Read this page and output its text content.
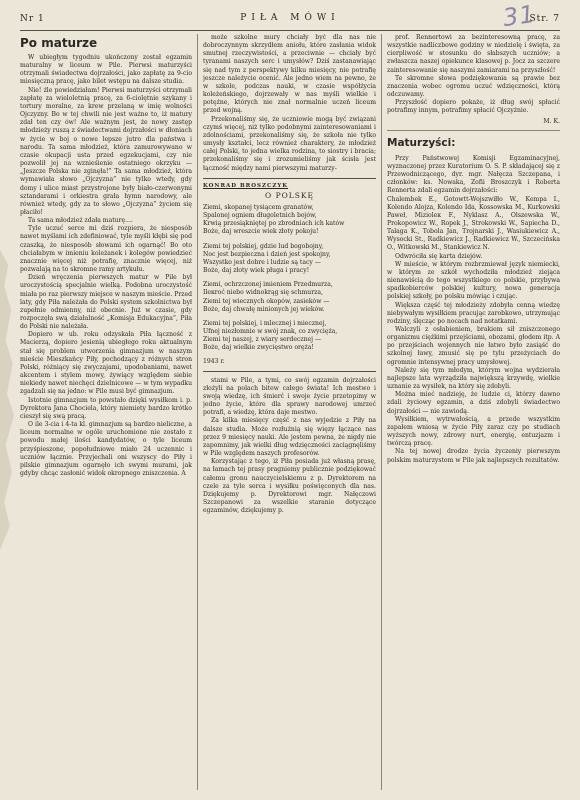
Nr 1	PIŁA MÓWI	31
Str. 7
Po maturze

W ubiegłym tygodniu ukończony został egzamin maturalny w liceum w Pile. Pierwsi maturzyści otrzymali świadectwa dojrzałości, jako zapłatę za 9-cio miesięczną pracę, jako bilet wstępu na dalsze studia.

Nie! źle powiedziałam! Pierwsi maturzyści otrzymali zapłatę za wieloletnią pracę, za 6-ciolętnie szykany i tortury moralne, za krew przelaną w imię wolności Ojczyzny. Bo w tej chwili nie jest ważne to, iż matury zdał ten czy ów! Ale ważnym jest, że nowy zastęp młodzieży ruszą z świadectwami dojrzałości w dłoniach w życie w boj o nowe lepsze jutro dla państwa i narodu. Ta sama młodzież, która zamurowywano w czasie okupacji usta przed egzekucjami, czy nie pozwolił jej na wznieśienie ostatniego okrzyku — „Jeszcze Polska nie zginęła!” Ta sama młodzież, która wymawiała słowo „Ojczyzna” nie tylko wtedy, gdy domy i ulice miast przystrojone były biało-czerwonymi sztandarami i orkiestra grała hymn narodowy, ale również wtedy, gdy za to słowo „Ojczyzna” życiem się płaciło!

Ta sama młodzież zdała maturę....

Tyle uczuć serce mi dziś rozpiera, że niesposób nawet myślami ich zdefiniować, tyle myśli kłębi się pod czaszką, że niesposób słowami ich ogarnąć! Bo oto chciałabym w imieniu koleżanek i kolegów powiedzieć znacznie więcej niż potrafię, znacznie więcej, niż pozwalają na to skromne ramy artykułu.

Dzień wręczenia pierwszych matur w Pile był uroczystością specjalnie wielką. Podobna uroczystość miała po raz pierwszy miejsce w naszym mieście. Przed laty, gdy Piła należała do Polski system szkolnictwa był zupełnie odmienny, niż obecnie. Już w czasie, gdy rozpoczęła swą działalność „Komisja Edukacyjna”, Piła do Polski nie należała.

Dopiero w ub. roku odzyskała Piła łączność z Macierzą, dopiero jesienią ubiegłego roku aktualnym stał się problem utworzenia gimnazjum w naszym mieście Mieszkańcy Piły, pochodzący z różnych stron Polski, różniący się zwyczajami, upodobaniami, nawet akcentem i stylem mowy, żywiący względem siebie niekiedy nawet niechęci dzielnicowe — w tym wypadku zgadzali się na jedno: w Pile musi być gimnazjum.

Istotnie gimnazjum to powstało dzięki wysiłkom i. p. Dyrektora Jana Chociela, który niemiety bardzo krótko cieszył się swą pracą.

O ile 3-cia i 4-ta kl. gimnazjum są bardzo nieliczne, a liceum normalne w ogóle uruchomione nie zostało z powodu małej ilości kandydatów, o tyle liceum przyśpieszone, popołudniowe miało 24 uczennic i uczniów łącznie. Przyjechali oni wszyscy do Piły i pilskie gimnazjum ogarnęło ich swymi murami, jak gdyby chcąc zasłonić widok okropnego zniszczenia. A

może szkolne mury chciały być dla nas nie dobroczynnym skrzydłem aniołu, które zasłania widok smutnej rzeczywistości, a przeciwnie — chciały być tyranami naszych serc i umysłów? Dziś zastanawiając się nad tym z perspektywy kilku miesięcy, nie potrafię jeszcze należycie ocenić. Ale jedno wiem na pewno, że w szkole, podczas nauki, w czasie współżycia koleżeńskiego, dojrzewały w nas myśli wielkie i potężne, których nie znał normalnie uczeń liceum przed wojną.

Przekonaliśmy się, że uczniowie mogą być związani czymś więcej, niż tylko podobnymi zainteresowaniami i zdolnościami, przekonaliśmy się, że szkoła nie tylko umysły kształci, lecz również charaktery, że młodzież całej Polski, to jedna wielka rodzina, to siostry i bracia; przekonaliśmy się i zrozumieliśmy jak ścisła jest łączność między nami pierwszymi maturzy-

KONRAD BROSZCZYK
O POLSKĘ
Ziemi, skopanej tysiącem granatów,
Spalonej ogniem długoletnich bojów,
Krwią przesiąkniętej po zbrodniach ich katów
Boże, daj wreszcie wiek złoty pokoju!
Ziemi tej polskiej, gdzie lud bogobojny,
Noc jest bezpieczna i dzień jest spokojny,
Wszystko jest dobre i ludzie są tacy —
Boże, daj złoty wiek pługa i pracy!
Ziemi, ochrzczonej imieniem Przedmurza,
Ileкroć niebo widnokrąg się schmurza,
Ziemi tej wieсznych okopów, zasieków —
Boże, daj chwałę minionych jej wieków.
Ziemi tej polskiej, i mlecznej i miecznej,
Ufnej niezłomnie w swój znak, co zwycięża,
Ziemi tej naszej, z wiary serdecznej —
Boże, daj wielkie zwycięstwo oręża!
1943 r.

stami w Pile, a tymi, co swój egzamin dojrzałości złożyli na polach bitew całego świata! Ich mestwo i swoją wiedzę, ich śmierć i swoje życie przetopimy w jedno życie, które dla sprawy narodowej umrzeć potrafi, a wiedzę, która daje mestwo.

Za kilka miesięcy część z nas wyjedzie z Piły na dalsze studia. Może rozłużnią się więzy łączące nas przez 9 miesięcy nauki. Ale jestem pewna, że nigdy nie zapomnimy, jak wielki dług wdzięczności zaciągnęliśmy w Pile względem naszych profesorów.

Korzystając z tego, iż Piła posiada już własną prasę, na łamach tej prasy pragniemy publicznie podziękować całemu gronu nauczycielskiemu z p. Dyrektorem na czele za tyle serca i wysiłku poświęconych dla nas. Dziękujemy p. Dyrektorowi mgr. Nałęczowi Szczepanowi za wszelkie staranie dotyczące egzaminów, dziękujemy p.

prof. Rennertowi za bezinteresowną pracę, za wszystkie nadliczbowe godziny w niedzielę i święta, za cierpliwość w stosunku do słabszych uczniów; a zwłaszcza naszej opiekunce klasowej p. Jocz za szczere zainteresowanie się naszymi zamiarami na przyszłość!

Te skromne słowa podziękowania są prawie bez znaczenia wobec ogromu uczuć wdzięczności, którą odczuwamy.

Przyszłość dopiero pokaże, iż dług swój spłacić potrafimy innym, potrafimy spłacić Ojczyźnie.

M. K.

Maturzyści:

Przy Państwowej Komisji Egzaminacyjnej, wyznaczonej przez Kuratorium O. S. P. składającej się z Przewodniczącego, dyr. mgr. Nałęcza Szczepana, i członków: ks. Nowaka, Zofii Broszczyk i Roberta Rennerta zdali egzamin dojrzałości:

Chalembek E., Gotowtt-Wojszwiłło W., Kempa I., Kolendo Alojza, Kolendo Ida, Kossowska M., Kurkowski Paweł, Mizioleк F., Nyklasz A., Olszewska W., Prokopowicz W., Ropek J., Strokowski W., Sapiecha D., Talaga K., Tobola Jan, Trojnarski J., Wasiukiewicz A., Wysocki St., Radkiewicz J., Radkiewicz W., Szczecińska O., Witkowski M., Stankiewicz N.

Odwróciła się karta dziejów.

W mieście, w którym rozbrzmiewał język niemiecki, w którym ze szkół wychodziła młodzież ziejąca nienawiścią do tego wszystkiego co polskie, przybywa spadkobierców polskiej kultury, nowa generacja polskiej szkoły, po polsku mówiąc i czując.

Większa część tej młodzieży zdobyła cenną wiedzę niebywałym wysiłkiem pracując zarobkowo, utrzymując rodziny, ślęcząc po nocach nad notatkami.

Walczyli z osłabieniem, brakiem sił zniszczonego organizmu ciężkimi przejściami, obozami, głodem itp. A po przejściach wojennych nie łatwo było zasiąść do szkolnej ławy, zmusić się po tylu przeżyciach do ogromnie intensywnej pracy umysłowej.

Należy się tym młodym, którym wojna wydzierała najlepsze lata wyrządziła największą krzywdę, wielkie uznanie za wysiłek, na który się zdobyli.

Można mieć nadzieję, że ludzie ci, którzy dawno zdali życiowy egzamin, a dziś zdobyli świadectwo dojrzałości — nie zawiodą.

Wysiłkiem, wytrwałością, a przede wszystkim zapałem wniosą w życie Piły zaraz czy po studiach wyższych nowy, zdrowy nurt, energię, entuzjazm i twórczą pracę.

Na tej nowej drodze życia życzeniy pierwszym polskim maturzystom w Pile jak najlepszych rezultatów.
